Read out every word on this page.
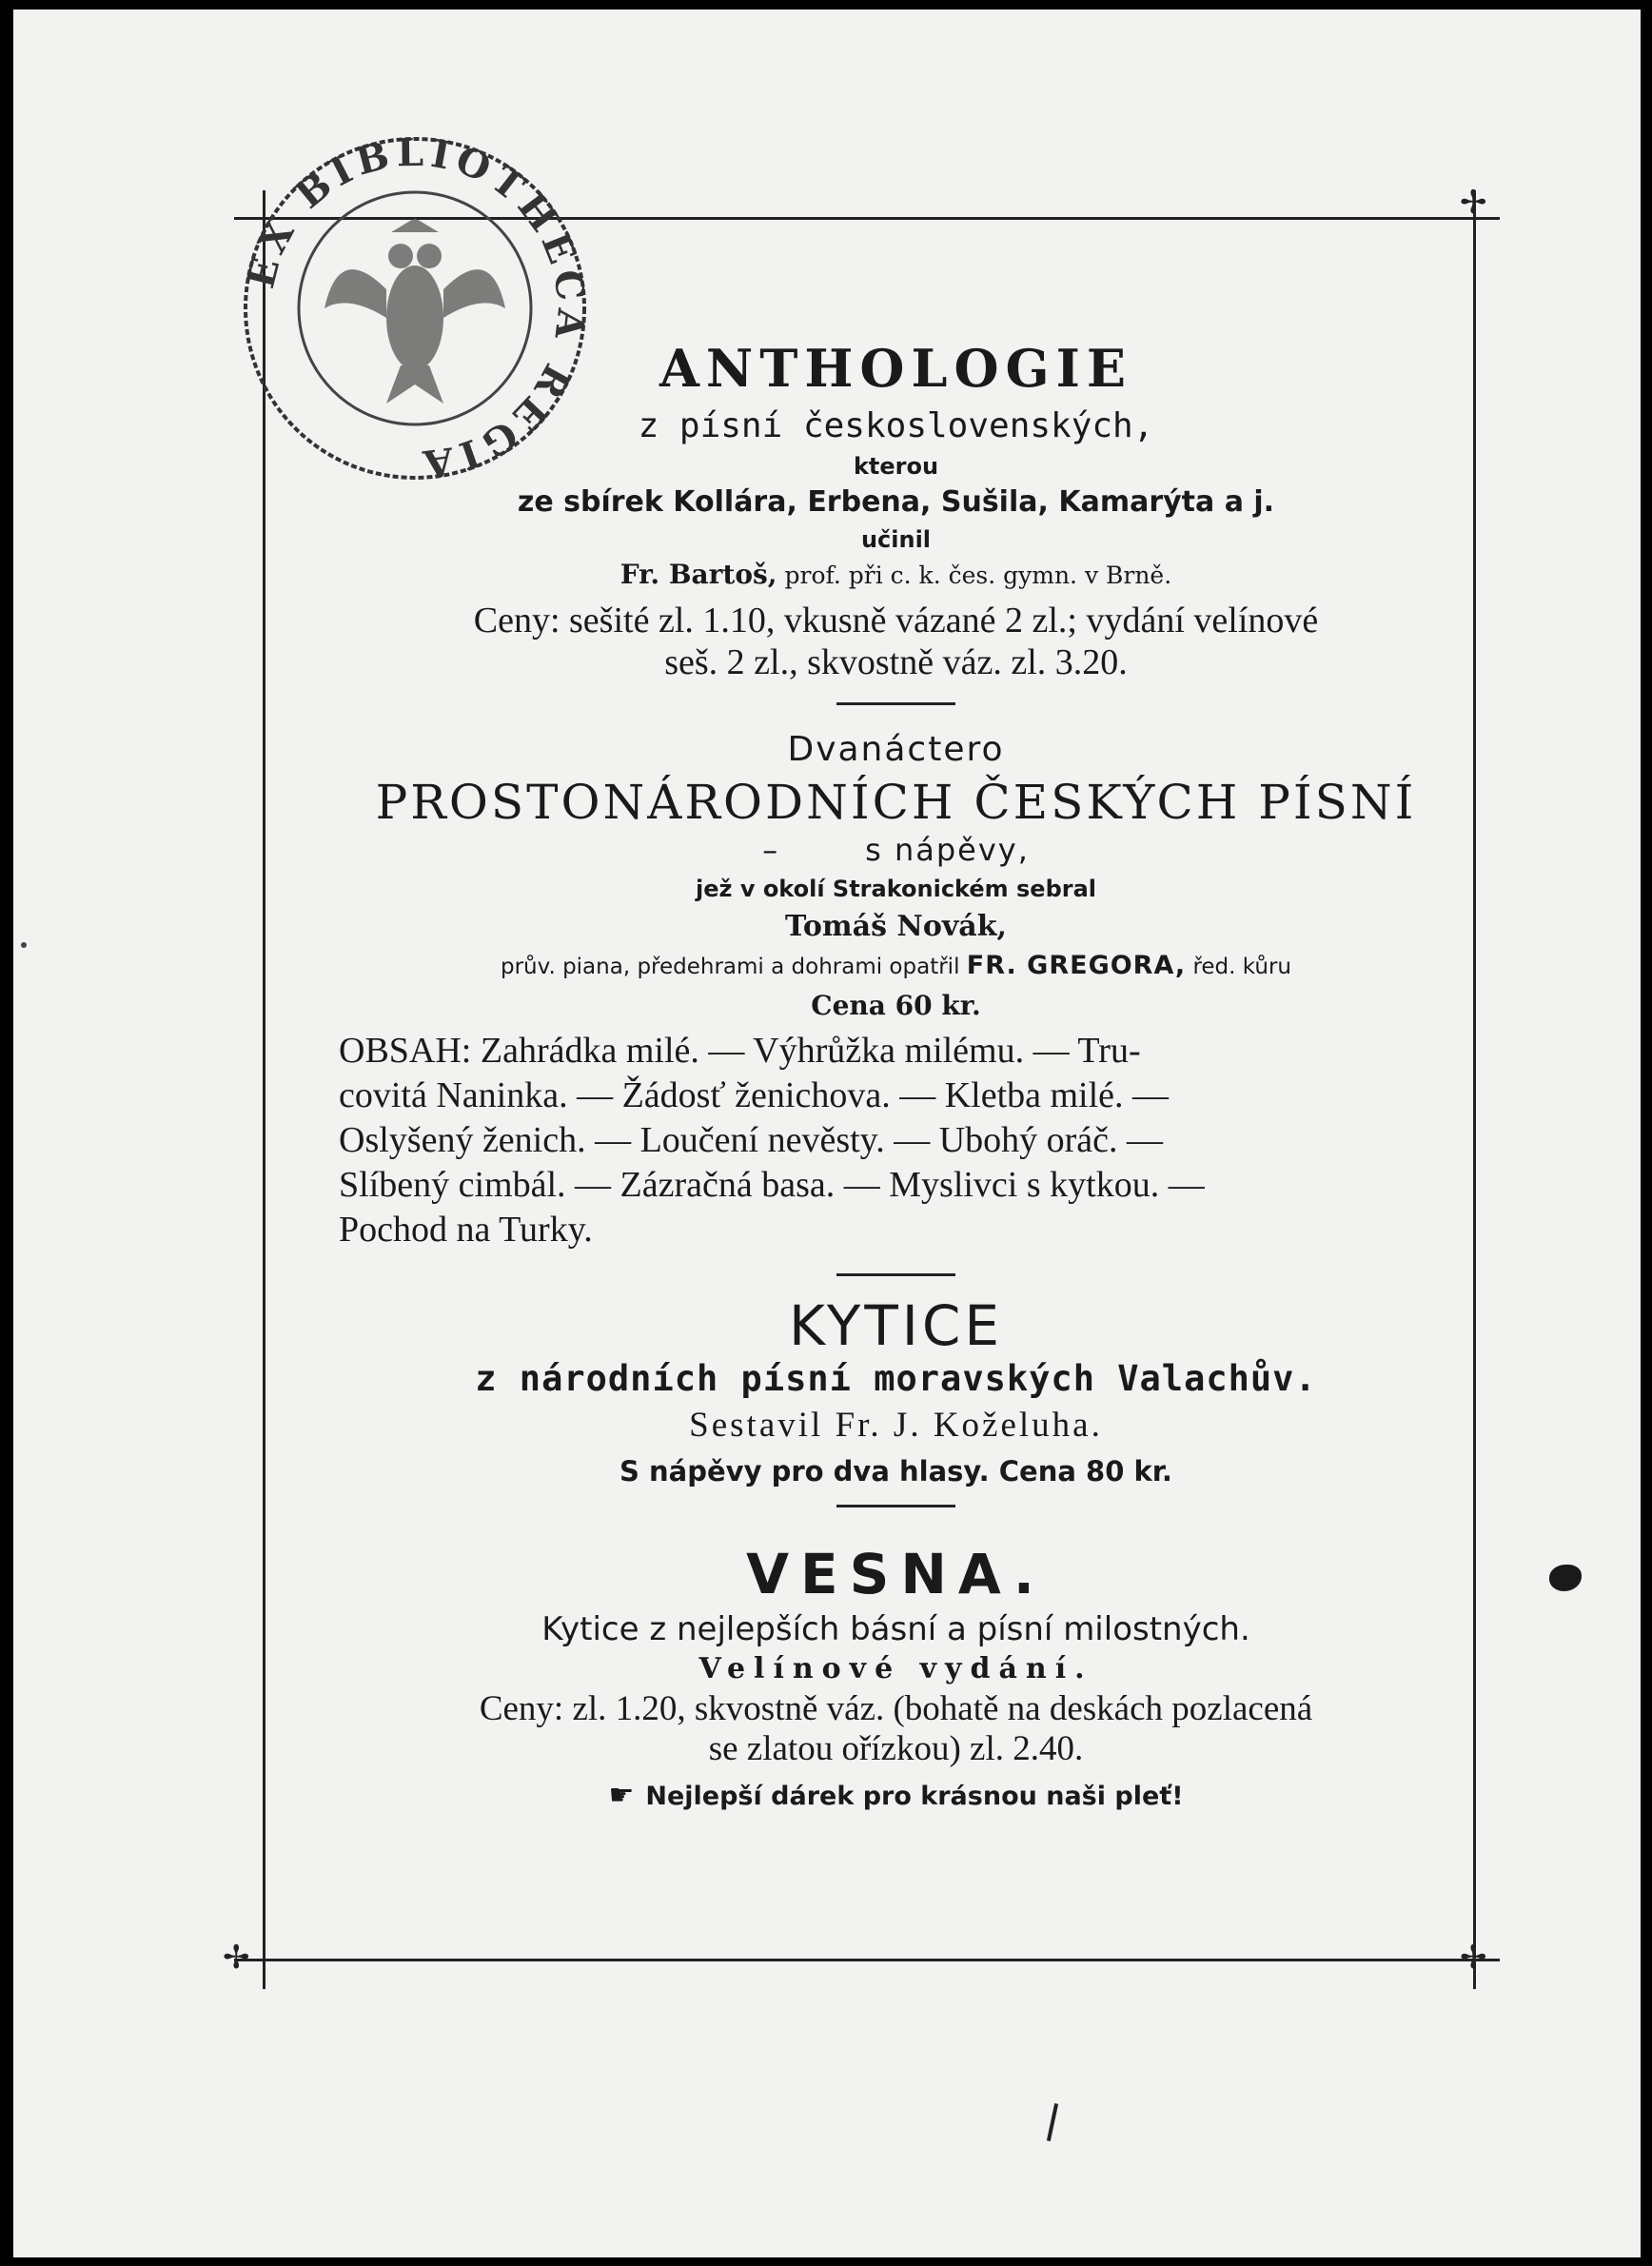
✢
✢	✢
EX BIBLIOTHECA REGIA
ANTHOLOGIE
z písní československých,
kterou
ze sbírek Kollára, Erbena, Sušila, Kamarýta a j.
učinil
Fr. Bartoš, prof. při c. k. čes. gymn. v Brně.
Ceny: sešité zl. 1.10, vkusně vázané 2 zl.; vydání velínové
seš. 2 zl., skvostně váz. zl. 3.20.
Dvanáctero
PROSTONÁRODNÍCH ČESKÝCH PÍSNÍ
–	s nápěvy,
jež v okolí Strakonickém sebral
Tomáš Novák,
prův. piana, předehrami a dohrami opatřil FR. GREGORA, řed. kůru
Cena 60 kr.
OBSAH: Zahrádka milé. — Výhrůžka milému. — Tru-
covitá Naninka. — Žádosť ženichova. — Kletba milé. —
Oslyšený ženich. — Loučení nevěsty. — Ubohý oráč. —
Slíbený cimbál. — Zázračná basa. — Myslivci s kytkou. —
Pochod na Turky.
KYTICE
z národních písní moravských Valachův.
Sestavil Fr. J. Koželuha.
S nápěvy pro dva hlasy. Cena 80 kr.
VESNA.
Kytice z nejlepších básní a písní milostných.
Velínové vydání.
Ceny: zl. 1.20, skvostně váz. (bohatě na deskách pozlacená
se zlatou ořízkou) zl. 2.40.
☛ Nejlepší dárek pro krásnou naši pleť!
